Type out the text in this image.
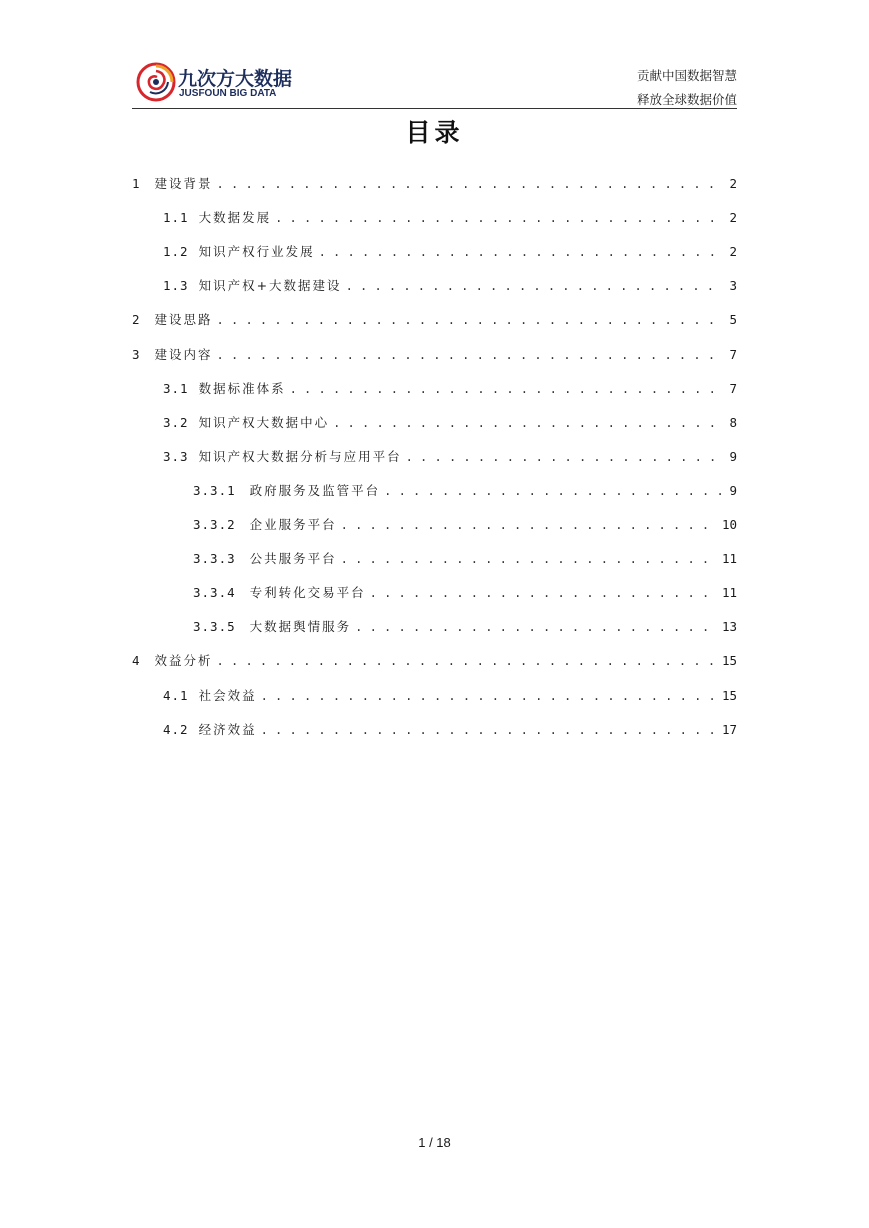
九次方大数据
JUSFOUN BIG DATA
贡献中国数据智慧
释放全球数据价值
目录
1 建设背景 . . .	2
1.1 大数据发展 . . .	2
1.2 知识产权行业发展 . . .	2
1.3 知识产权+大数据建设 . . .	3
2 建设思路 . . .	5
3 建设内容 . . .	7
3.1 数据标准体系 . . .	7
3.2 知识产权大数据中心 . . .	8
3.3 知识产权大数据分析与应用平台 . . .	9
3.3.1 政府服务及监管平台 . . .	9
3.3.2 企业服务平台 . . .	10
3.3.3 公共服务平台 . . .	11
3.3.4 专利转化交易平台 . . .	11
3.3.5 大数据舆情服务 . . .	13
4 效益分析 . . .	15
4.1 社会效益 . . .	15
4.2 经济效益 . . .	17
1 / 18
